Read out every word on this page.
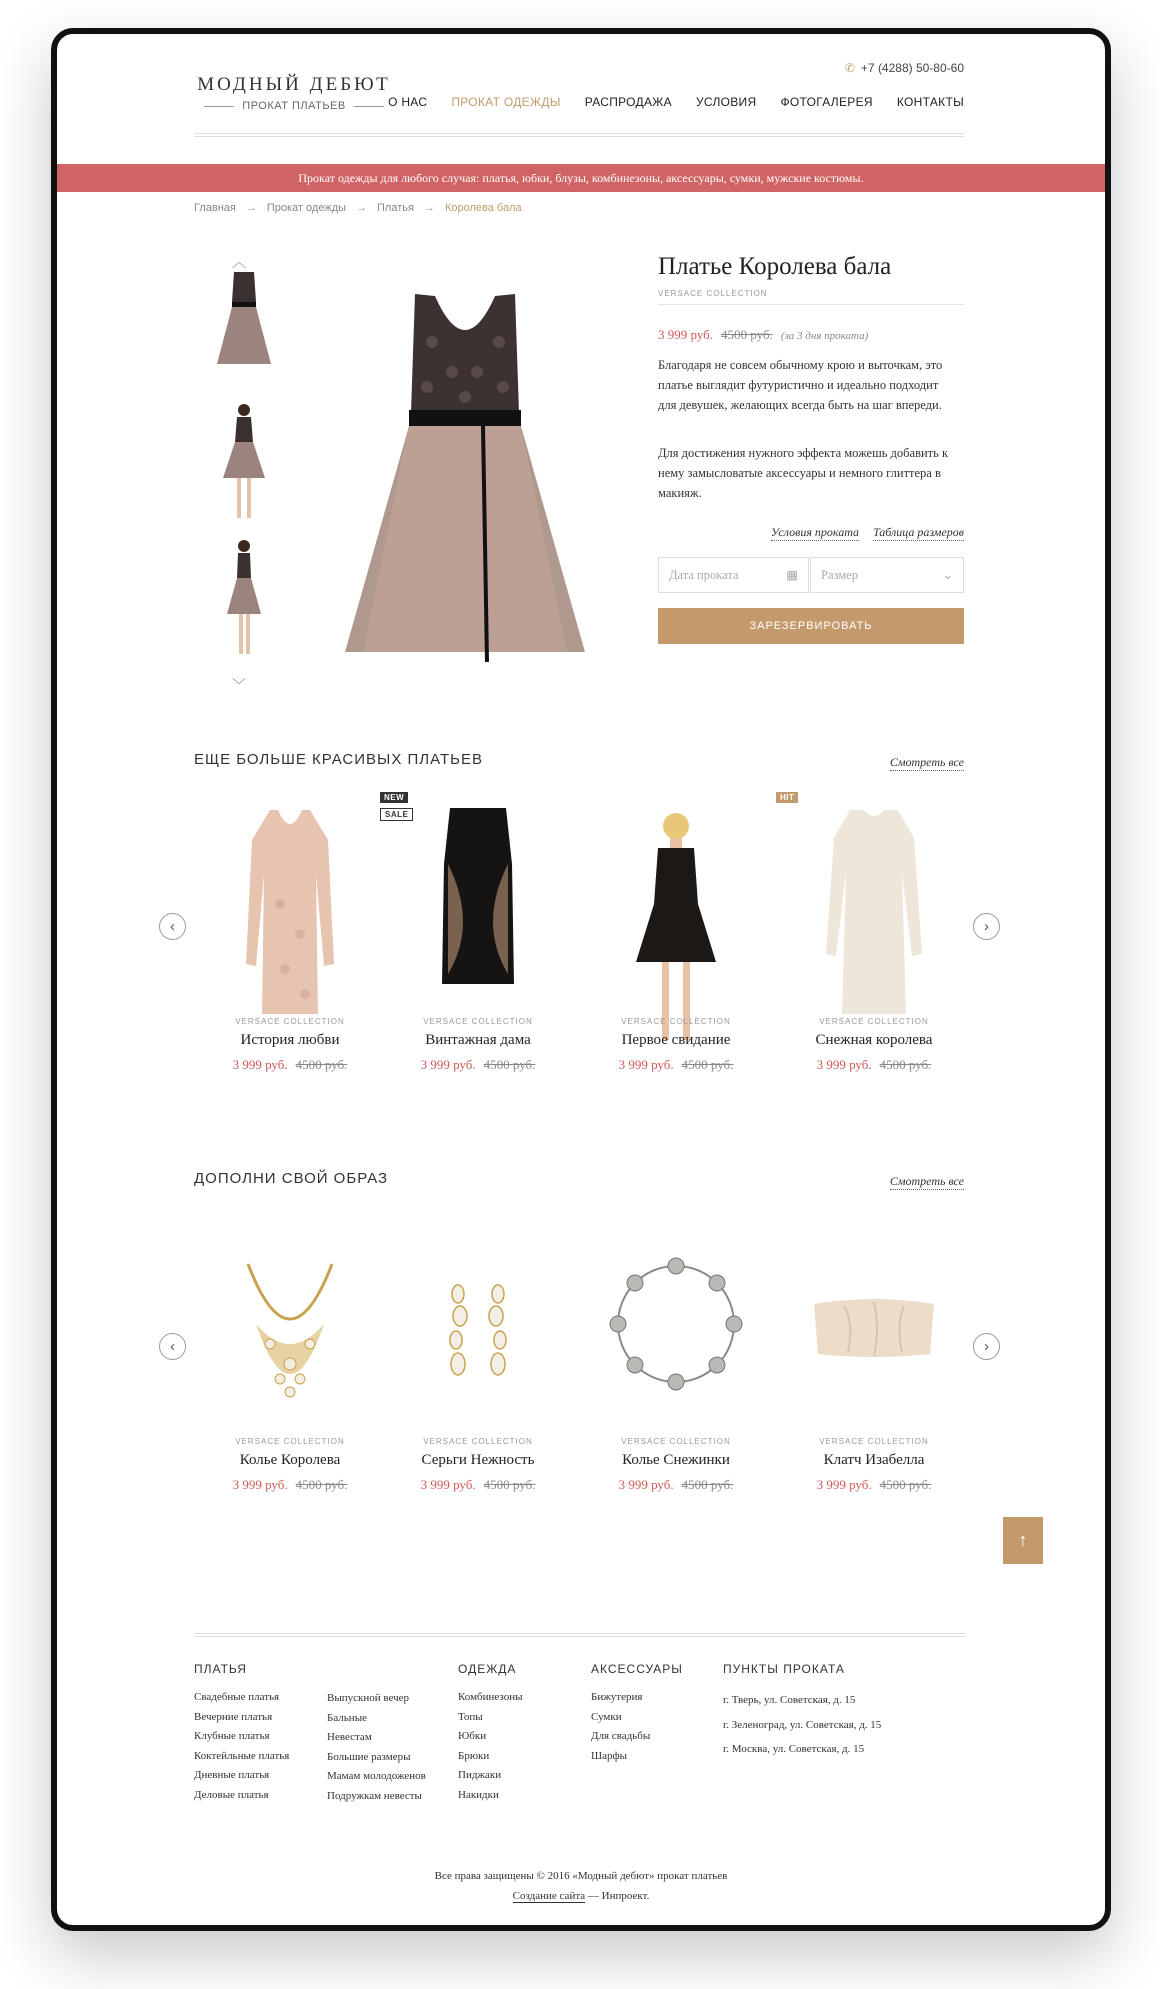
МОДНЫЙ ДЕБЮТ
ПРОКАТ ПЛАТЬЕВ
✆ +7 (4288) 50-80-60
О НАС ПРОКАТ ОДЕЖДЫ РАСПРОДАЖА УСЛОВИЯ ФОТОГАЛЕРЕЯ КОНТАКТЫ
Прокат одежды для любого случая: платья, юбки, блузы, комбинезоны, аксессуары, сумки, мужские костюмы.
Главная → Прокат одежды → Платья → Королева бала
︿
﹀
Платье Королева бала
VERSACE COLLECTION
3 999 руб. 4500 руб. (за 3 дня проката)

Благодаря не совсем обычному крою и выточкам, это платье выглядит футуристично и идеально подходит для девушек, желающих всегда быть на шаг впереди.

Для достижения нужного эффекта можешь добавить к нему замысловатые аксессуары и немного глиттера в макияж.

Условия проката Таблица размеров
Дата проката	▦	Размер	⌄
ЗАРЕЗЕРВИРОВАТЬ
ЕЩЕ БОЛЬШЕ КРАСИВЫХ ПЛАТЬЕВ	Смотреть все
‹	›
VERSACE COLLECTION
История любви
3 999 руб. 4500 руб.
NEW
SALE
VERSACE COLLECTION
Винтажная дама
3 999 руб. 4500 руб.
VERSACE COLLECTION
Первое свидание
3 999 руб. 4500 руб.
HIT
VERSACE COLLECTION
Снежная королева
3 999 руб. 4500 руб.
ДОПОЛНИ СВОЙ ОБРАЗ	Смотреть все
‹	›
VERSACE COLLECTION
Колье Королева
3 999 руб. 4500 руб.
VERSACE COLLECTION
Серьги Нежность
3 999 руб. 4500 руб.
VERSACE COLLECTION
Колье Снежинки
3 999 руб. 4500 руб.
VERSACE COLLECTION
Клатч Изабелла
3 999 руб. 4500 руб.
↑
ПЛАТЬЯ
Свадебные платья
Вечерние платья
Клубные платья
Коктейльные платья
Дневные платья
Деловые платья
Выпускной вечер
Бальные
Невестам
Большие размеры
Мамам молодоженов
Подружкам невесты
ОДЕЖДА
Комбинезоны
Топы
Юбки
Брюки
Пиджаки
Накидки
АКСЕССУАРЫ
Бижутерия
Сумки
Для свадьбы
Шарфы
ПУНКТЫ ПРОКАТА
г. Тверь, ул. Советская, д. 15
г. Зеленоград, ул. Советская, д. 15
г. Москва, ул. Советская, д. 15
Все права защищены © 2016 «Модный дебют» прокат платьев
Создание сайта — Инпроект.
